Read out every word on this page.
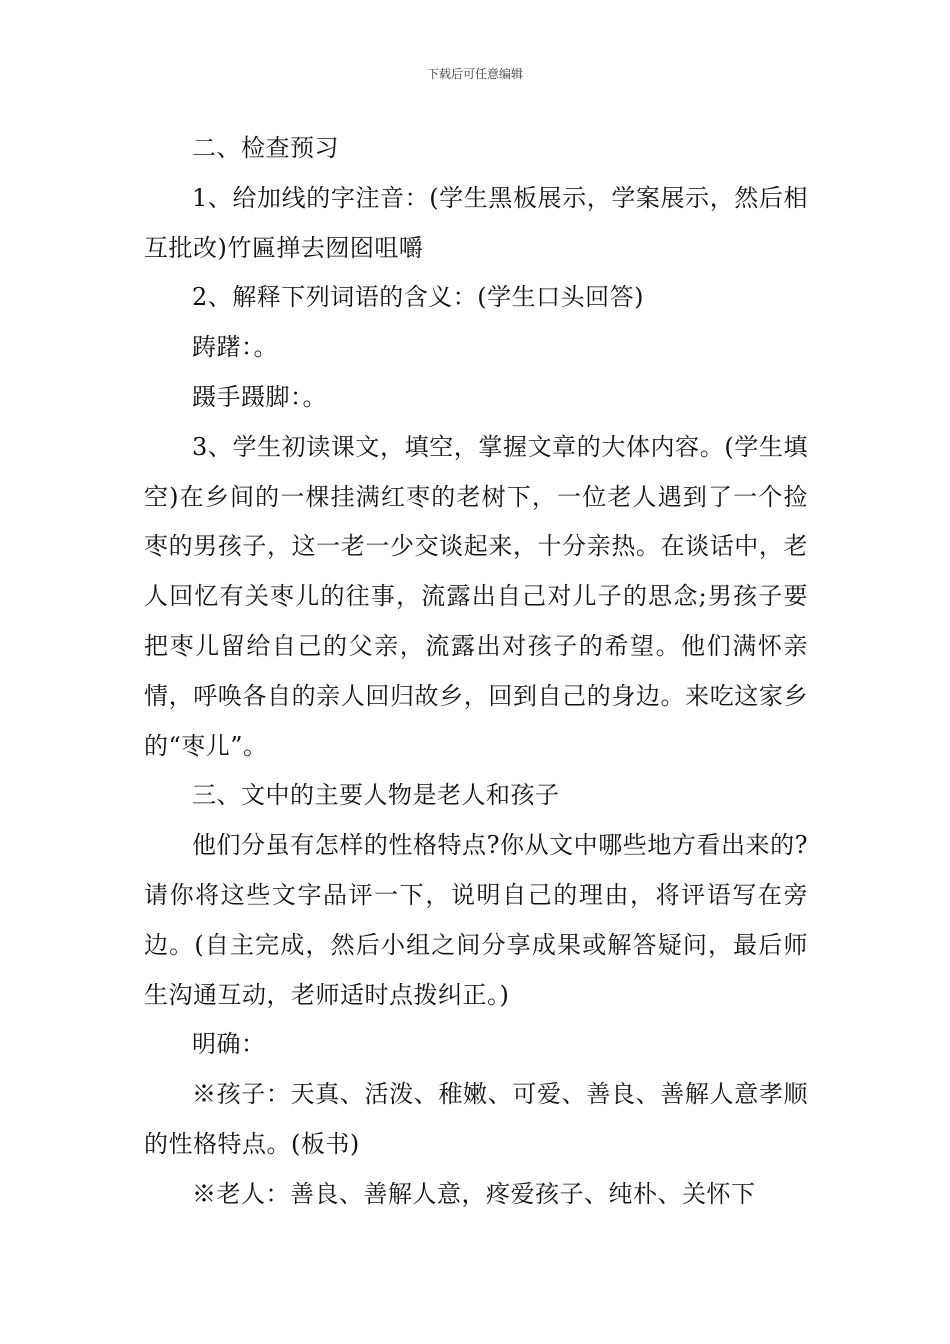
下载后可任意编辑

二、检查预习

1、给加线的字注音：(学生黑板展示，学案展示，然后相互批改)竹匾掸去囫囵咀嚼

2、解释下列词语的含义：(学生口头回答)

踌躇：。

蹑手蹑脚：。

3、学生初读课文，填空，掌握文章的大体内容。(学生填空)在乡间的一棵挂满红枣的老树下，一位老人遇到了一个捡枣的男孩子，这一老一少交谈起来，十分亲热。在谈话中，老人回忆有关枣儿的往事，流露出自己对儿子的思念;男孩子要把枣儿留给自己的父亲，流露出对孩子的希望。他们满怀亲情，呼唤各自的亲人回归故乡，回到自己的身边。来吃这家乡的“枣儿”。

三、文中的主要人物是老人和孩子

他们分虽有怎样的性格特点?你从文中哪些地方看出来的?请你将这些文字品评一下，说明自己的理由，将评语写在旁边。(自主完成，然后小组之间分享成果或解答疑问，最后师生沟通互动，老师适时点拨纠正。)

明确：

※孩子：天真、活泼、稚嫩、可爱、善良、善解人意孝顺的性格特点。(板书)

※老人：善良、善解人意，疼爱孩子、纯朴、关怀下
